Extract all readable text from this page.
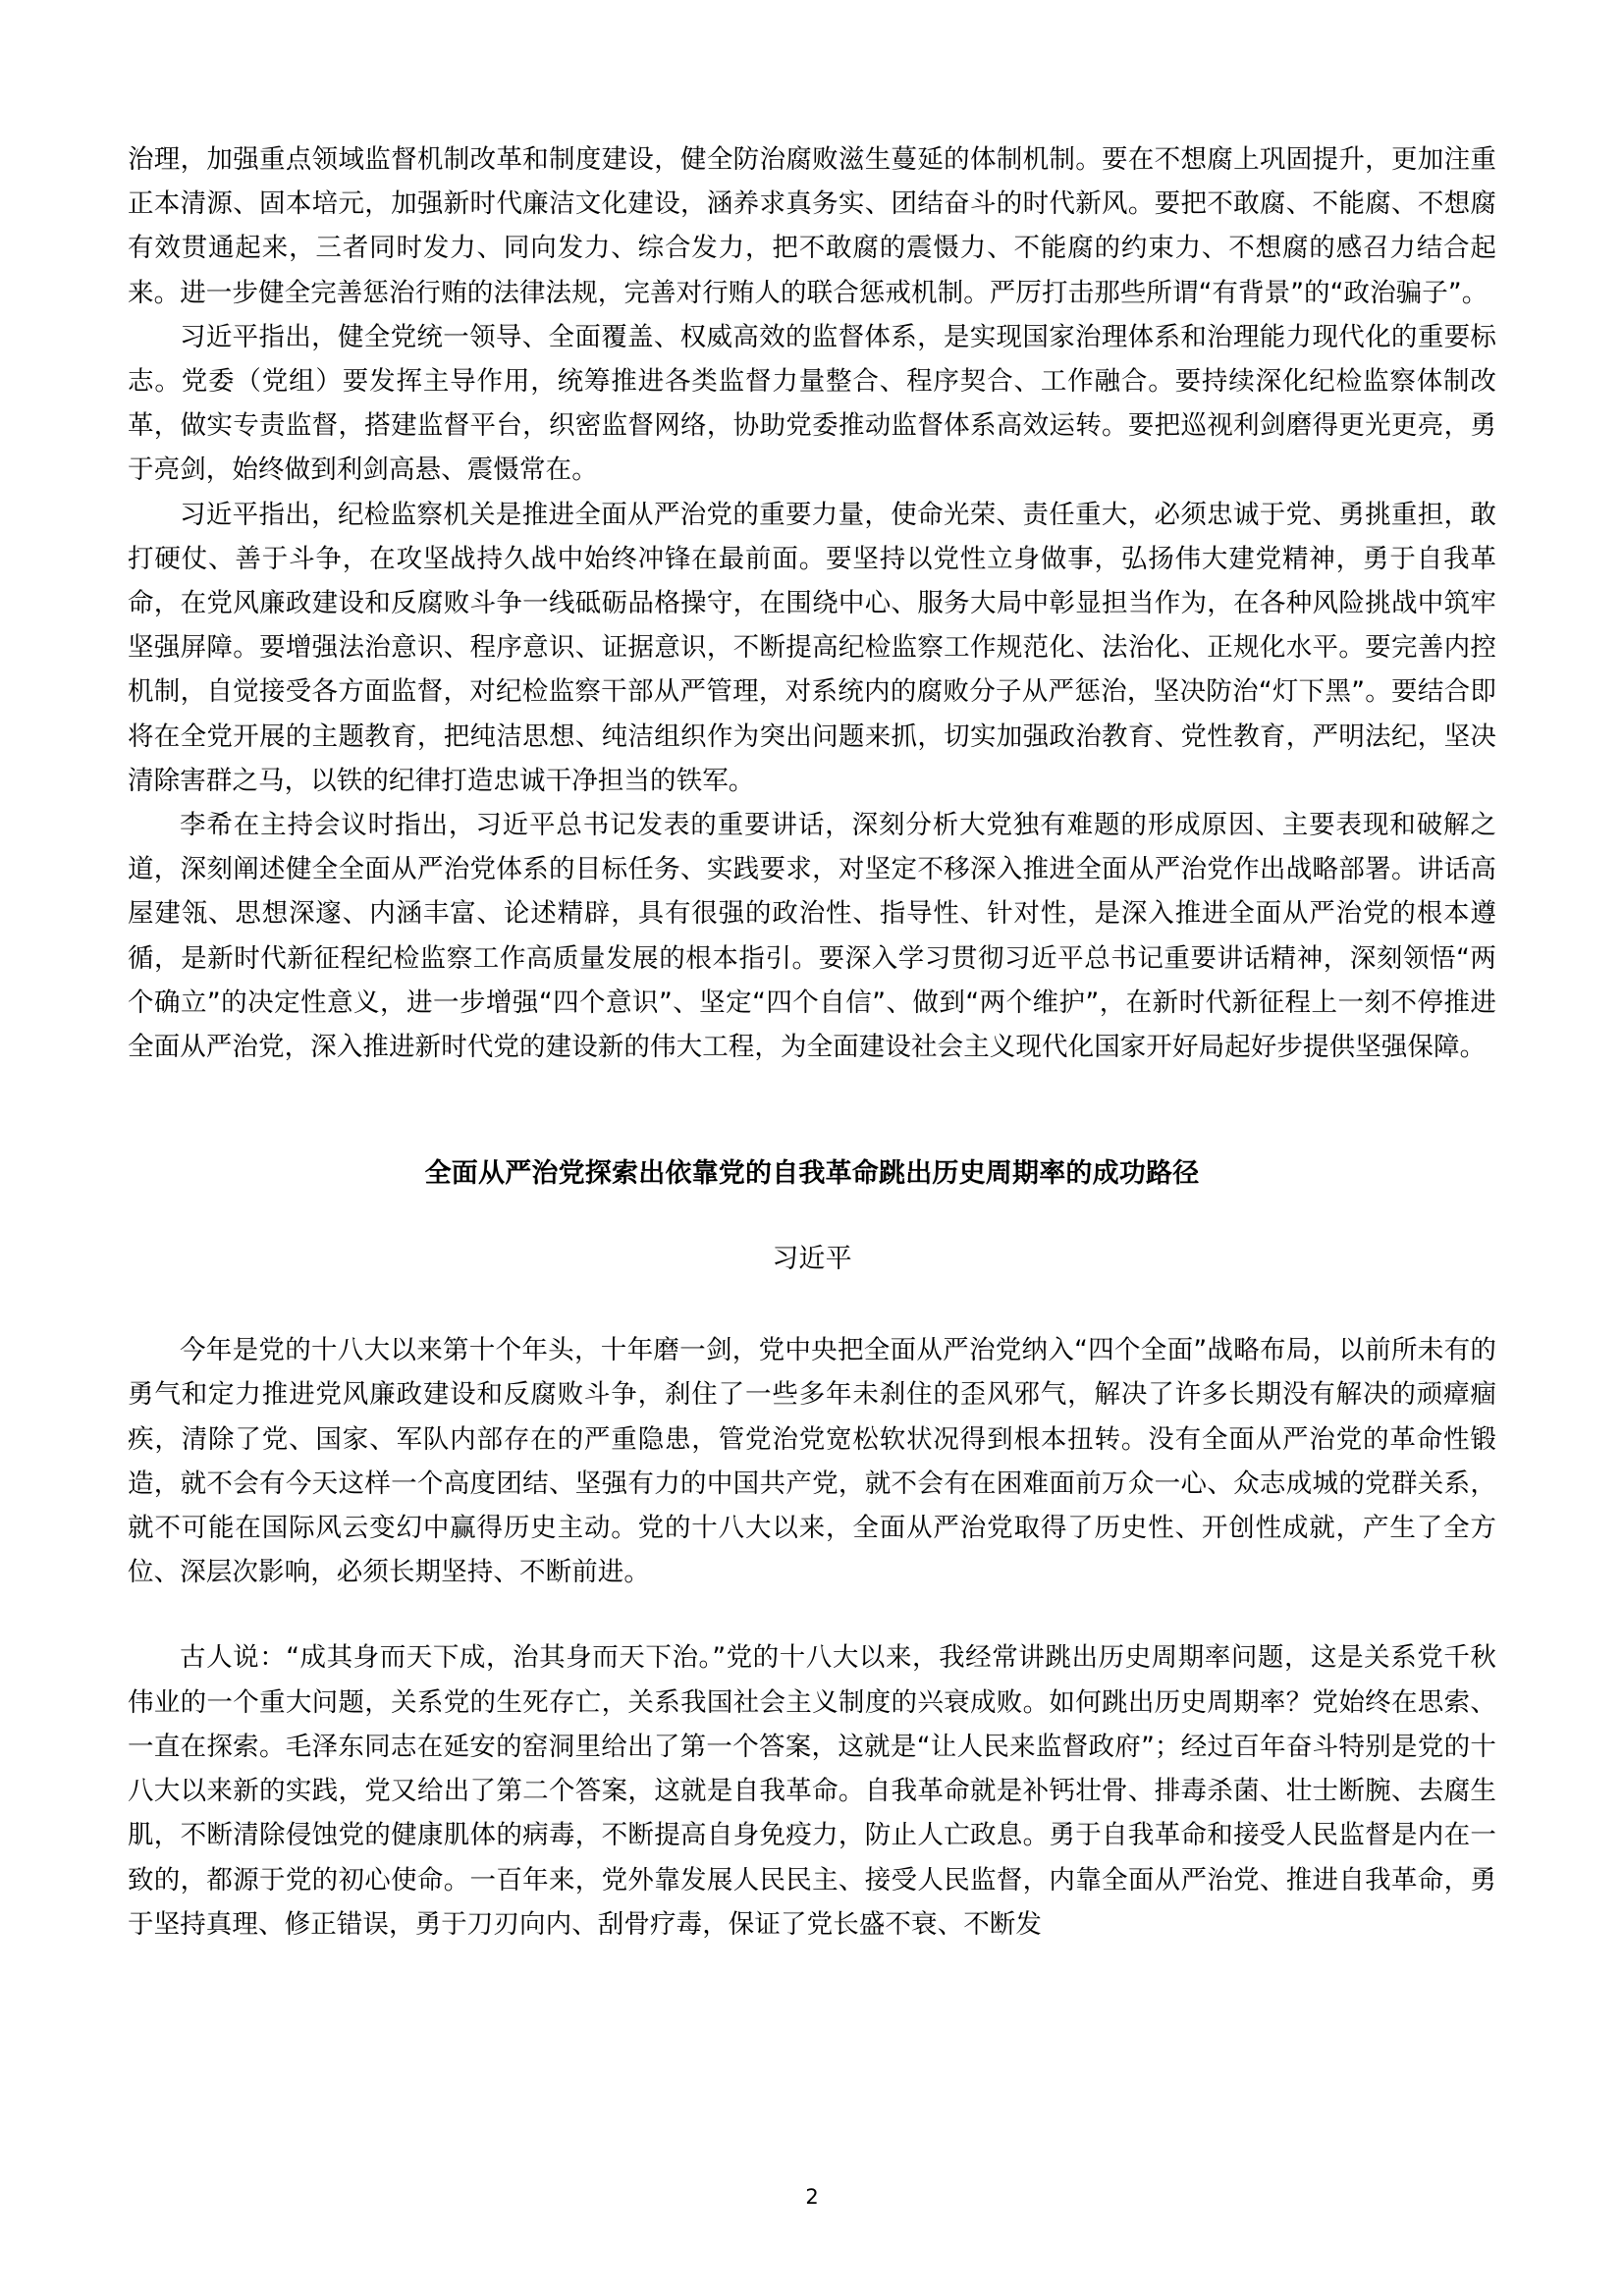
治理，加强重点领域监督机制改革和制度建设，健全防治腐败滋生蔓延的体制机制。要在不想腐上巩固提升，更加注重正本清源、固本培元，加强新时代廉洁文化建设，涵养求真务实、团结奋斗的时代新风。要把不敢腐、不能腐、不想腐有效贯通起来，三者同时发力、同向发力、综合发力，把不敢腐的震慑力、不能腐的约束力、不想腐的感召力结合起来。进一步健全完善惩治行贿的法律法规，完善对行贿人的联合惩戒机制。严厉打击那些所谓“有背景”的“政治骗子”。

习近平指出，健全党统一领导、全面覆盖、权威高效的监督体系，是实现国家治理体系和治理能力现代化的重要标志。党委（党组）要发挥主导作用，统筹推进各类监督力量整合、程序契合、工作融合。要持续深化纪检监察体制改革，做实专责监督，搭建监督平台，织密监督网络，协助党委推动监督体系高效运转。要把巡视利剑磨得更光更亮，勇于亮剑，始终做到利剑高悬、震慑常在。

习近平指出，纪检监察机关是推进全面从严治党的重要力量，使命光荣、责任重大，必须忠诚于党、勇挑重担，敢打硬仗、善于斗争，在攻坚战持久战中始终冲锋在最前面。要坚持以党性立身做事，弘扬伟大建党精神，勇于自我革命，在党风廉政建设和反腐败斗争一线砥砺品格操守，在围绕中心、服务大局中彰显担当作为，在各种风险挑战中筑牢坚强屏障。要增强法治意识、程序意识、证据意识，不断提高纪检监察工作规范化、法治化、正规化水平。要完善内控机制，自觉接受各方面监督，对纪检监察干部从严管理，对系统内的腐败分子从严惩治，坚决防治“灯下黑”。要结合即将在全党开展的主题教育，把纯洁思想、纯洁组织作为突出问题来抓，切实加强政治教育、党性教育，严明法纪，坚决清除害群之马，以铁的纪律打造忠诚干净担当的铁军。

李希在主持会议时指出，习近平总书记发表的重要讲话，深刻分析大党独有难题的形成原因、主要表现和破解之道，深刻阐述健全全面从严治党体系的目标任务、实践要求，对坚定不移深入推进全面从严治党作出战略部署。讲话高屋建瓴、思想深邃、内涵丰富、论述精辟，具有很强的政治性、指导性、针对性，是深入推进全面从严治党的根本遵循，是新时代新征程纪检监察工作高质量发展的根本指引。要深入学习贯彻习近平总书记重要讲话精神，深刻领悟“两个确立”的决定性意义，进一步增强“四个意识”、坚定“四个自信”、做到“两个维护”，在新时代新征程上一刻不停推进全面从严治党，深入推进新时代党的建设新的伟大工程，为全面建设社会主义现代化国家开好局起好步提供坚强保障。

全面从严治党探索出依靠党的自我革命跳出历史周期率的成功路径

习近平

今年是党的十八大以来第十个年头，十年磨一剑，党中央把全面从严治党纳入“四个全面”战略布局，以前所未有的勇气和定力推进党风廉政建设和反腐败斗争，刹住了一些多年未刹住的歪风邪气，解决了许多长期没有解决的顽瘴痼疾，清除了党、国家、军队内部存在的严重隐患，管党治党宽松软状况得到根本扭转。没有全面从严治党的革命性锻造，就不会有今天这样一个高度团结、坚强有力的中国共产党，就不会有在困难面前万众一心、众志成城的党群关系，就不可能在国际风云变幻中赢得历史主动。党的十八大以来，全面从严治党取得了历史性、开创性成就，产生了全方位、深层次影响，必须长期坚持、不断前进。

古人说：“成其身而天下成，治其身而天下治。”党的十八大以来，我经常讲跳出历史周期率问题，这是关系党千秋伟业的一个重大问题，关系党的生死存亡，关系我国社会主义制度的兴衰成败。如何跳出历史周期率？党始终在思索、一直在探索。毛泽东同志在延安的窑洞里给出了第一个答案，这就是“让人民来监督政府”；经过百年奋斗特别是党的十八大以来新的实践，党又给出了第二个答案，这就是自我革命。自我革命就是补钙壮骨、排毒杀菌、壮士断腕、去腐生肌，不断清除侵蚀党的健康肌体的病毒，不断提高自身免疫力，防止人亡政息。勇于自我革命和接受人民监督是内在一致的，都源于党的初心使命。一百年来，党外靠发展人民民主、接受人民监督，内靠全面从严治党、推进自我革命，勇于坚持真理、修正错误，勇于刀刃向内、刮骨疗毒，保证了党长盛不衰、不断发

2
